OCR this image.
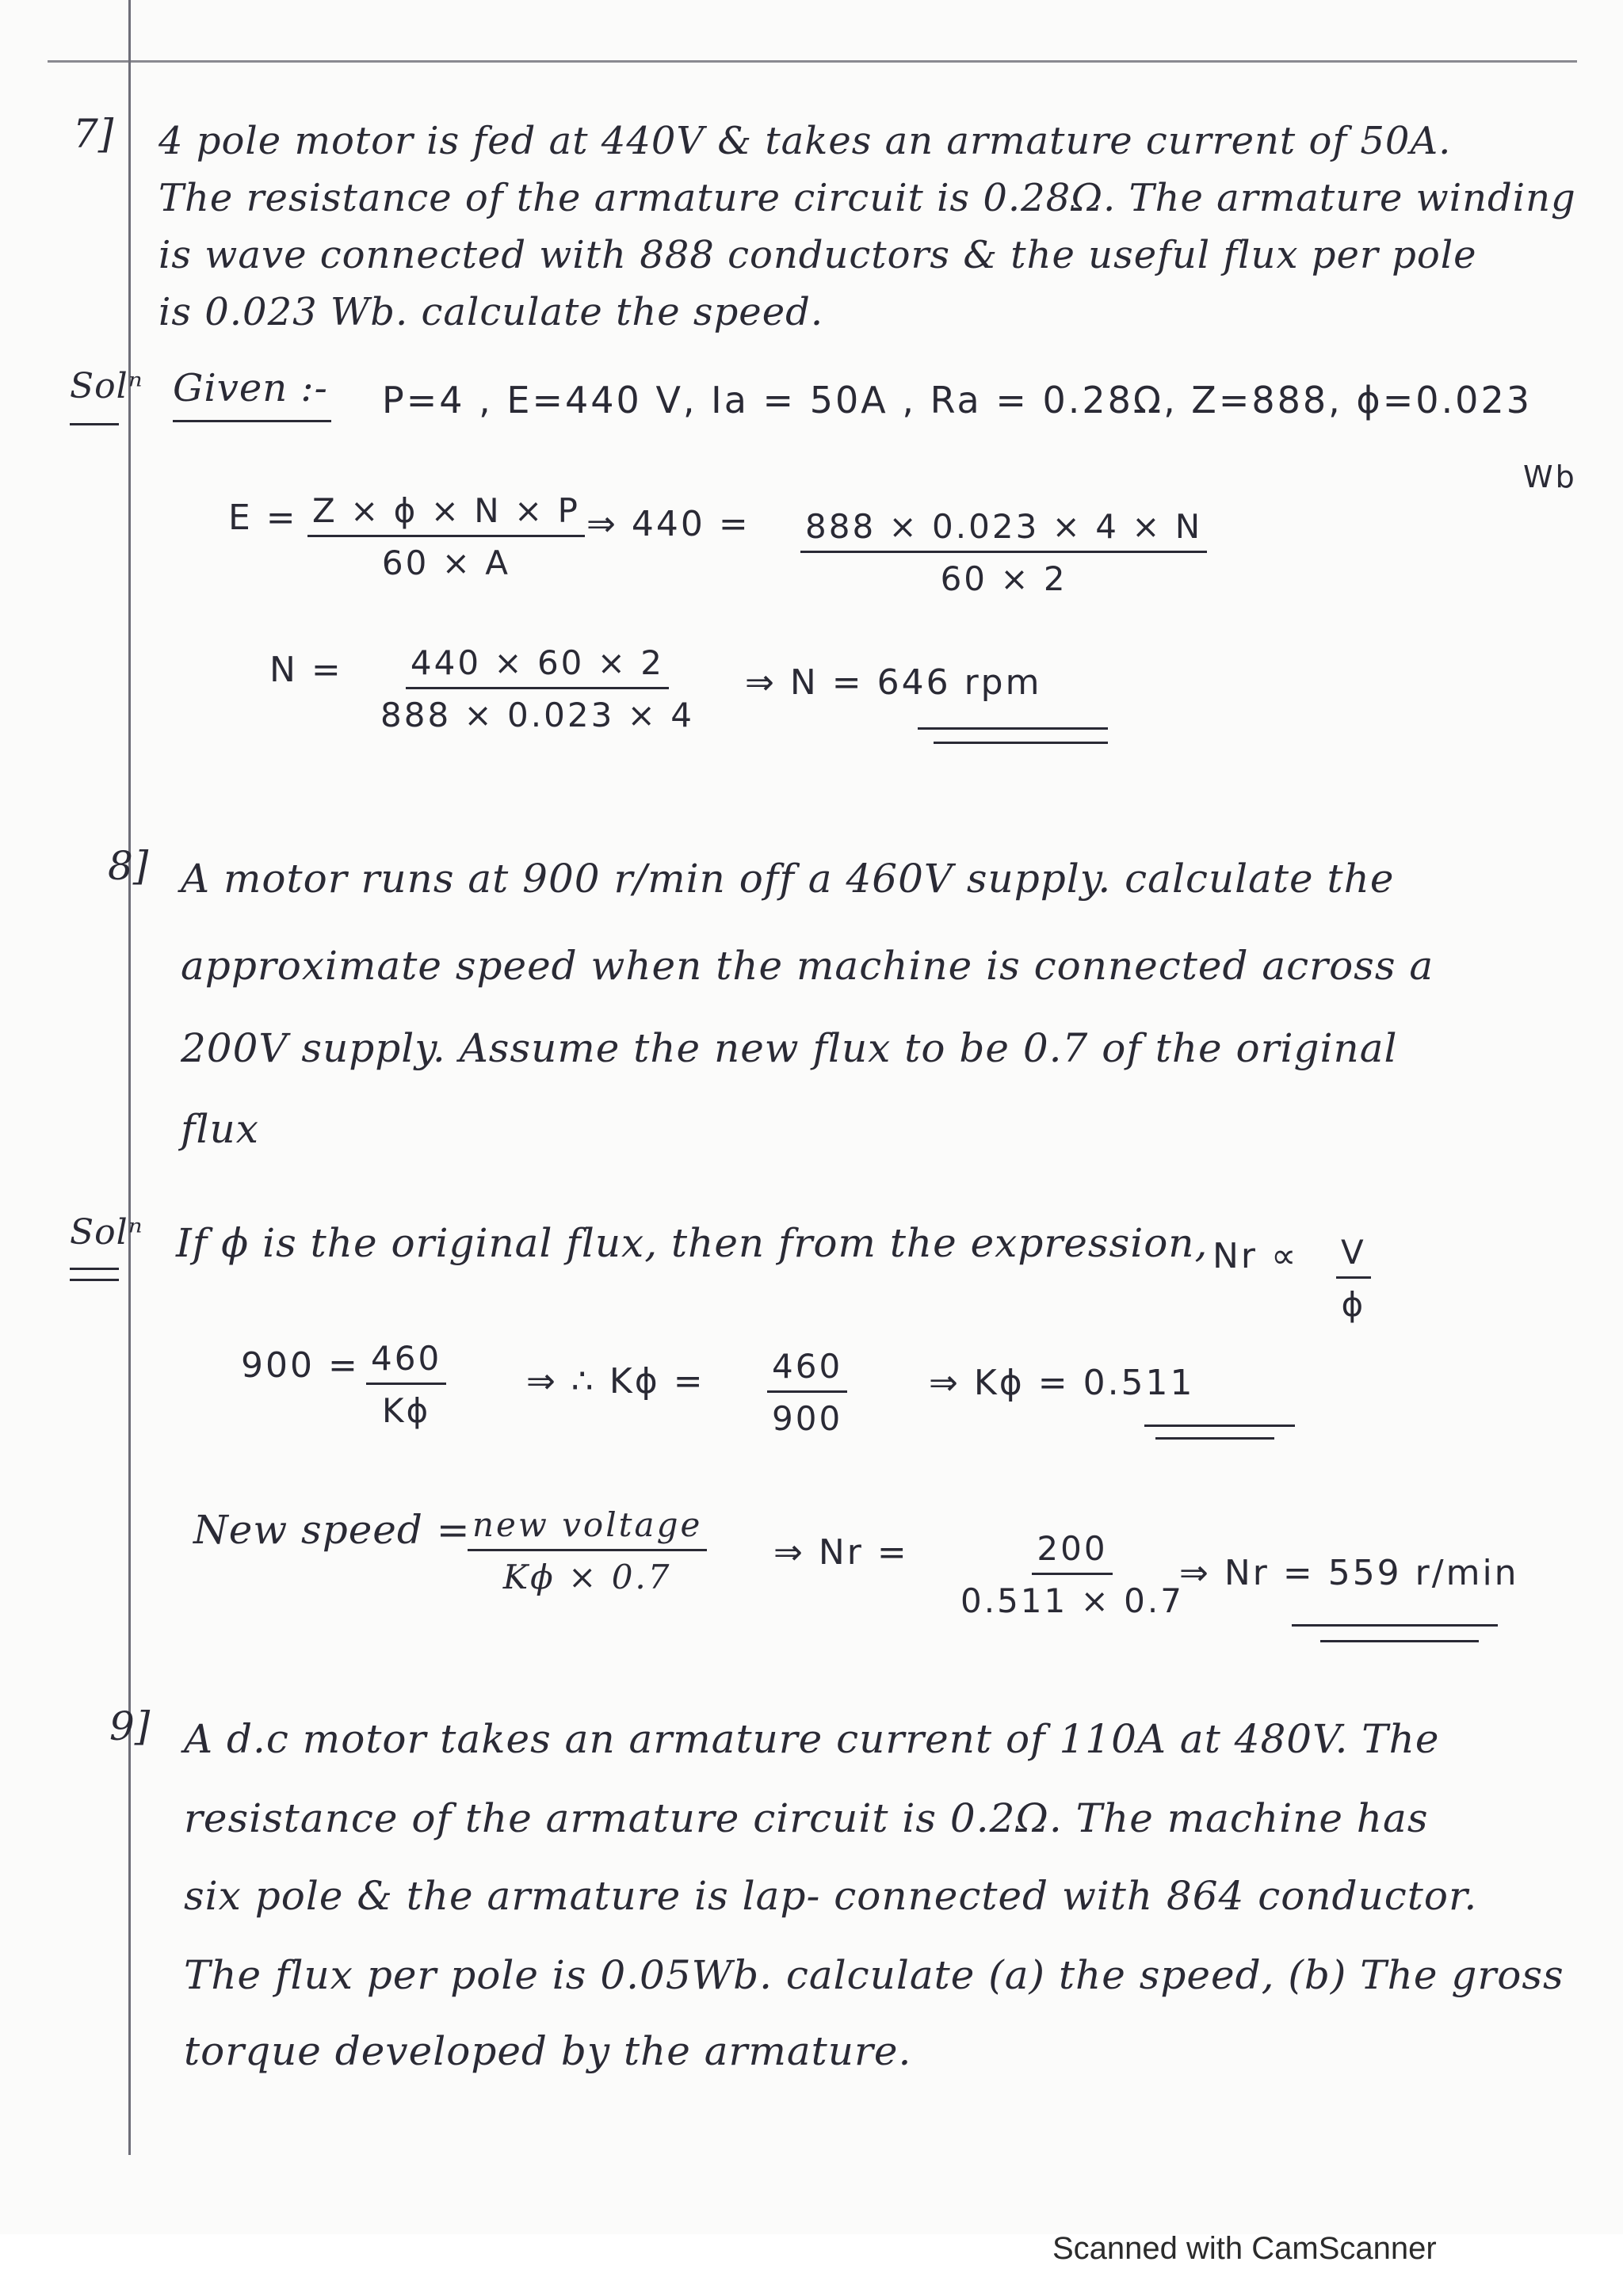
7] 4 pole motor is fed at 440V & takes an armature current of 50A.

The resistance of the armature circuit is 0.28Ω. The armature winding

is wave connected with 888 conductors & the useful flux per pole

is 0.023 Wb. calculate the speed.

Solⁿ Given :- P=4 , E=440 V, Ia = 50A , Ra = 0.28Ω, Z=888, ϕ=0.023

Wb

$E = \frac{Z \times \phi \times N \times P}{60 \times A}$ ⇒ $440 = \frac{888 \times 0.023 \times 4 \times N}{60 \times 2}$

$N = \frac{440 \times 60 \times 2}{888 \times 0.023 \times 4}$ ⇒ N = 646 rpm

8] A motor runs at 900 r/min off a 460V supply. calculate the

approximate speed when the machine is connected across a

200V supply. Assume the new flux to be 0.7 of the original

flux

Solⁿ If ϕ is the original flux, then from the expression, $Nr \propto \frac{V}{\phi}$

$900 = \frac{460}{K\phi}$ ⇒ ∴ $K\phi = \frac{460}{900}$ ⇒ Kϕ = 0.511

New speed = new voltage
Kϕ × 0.7

⇒ $Nr = \frac{200}{0.511 \times 0.7}$

⇒ Nr = 559 r/min

9] A d.c motor takes an armature current of 110A at 480V. The

resistance of the armature circuit is 0.2Ω. The machine has

six pole & the armature is lap- connected with 864 conductor.

The flux per pole is 0.05Wb. calculate (a) the speed, (b) The gross

torque developed by the armature.

Scanned with CamScanner
